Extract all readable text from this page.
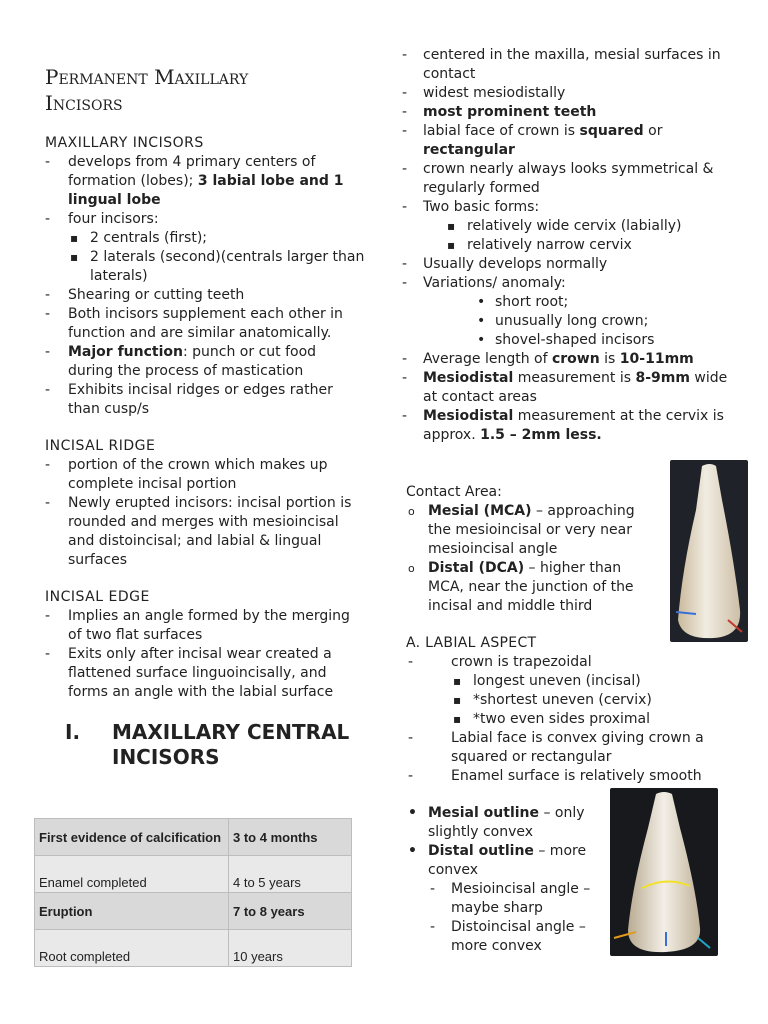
Permanent Maxillary
Incisors
MAXILLARY INCISORS
- develops from 4 primary centers of formation (lobes); 3 labial lobe and 1 lingual lobe
- four incisors:
▪ 2 centrals (first);
▪ 2 laterals (second)(centrals larger than laterals)
- Shearing or cutting teeth
- Both incisors supplement each other in function and are similar anatomically.
- Major function: punch or cut food during the process of mastication
- Exhibits incisal ridges or edges rather than cusp/s
INCISAL RIDGE
- portion of the crown which makes up complete incisal portion
- Newly erupted incisors: incisal portion is rounded and merges with mesioincisal and distoincisal; and labial & lingual surfaces
INCISAL EDGE
- Implies an angle formed by the merging of two flat surfaces
- Exits only after incisal wear created a flattened surface linguoincisally, and forms an angle with the labial surface
I.	MAXILLARY CENTRAL INCISORS
First evidence of calcification	3 to 4 months
Enamel completed	4 to 5 years
Eruption	7 to 8 years
Root completed	10 years
- centered in the maxilla, mesial surfaces in contact
- widest mesiodistally
- most prominent teeth
- labial face of crown is squared or rectangular
- crown nearly always looks symmetrical & regularly formed
- Two basic forms:
▪ relatively wide cervix (labially)
▪ relatively narrow cervix
- Usually develops normally
- Variations/ anomaly:
• short root;
• unusually long crown;
• shovel-shaped incisors
- Average length of crown is 10-11mm
- Mesiodistal measurement is 8-9mm wide at contact areas
- Mesiodistal measurement at the cervix is approx. 1.5 – 2mm less.
Contact Area:
o Mesial (MCA) – approaching the mesioincisal or very near mesioincisal angle
o Distal (DCA) – higher than MCA, near the junction of the incisal and middle third
A. LABIAL ASPECT
- crown is trapezoidal
▪ longest uneven (incisal)
▪ *shortest uneven (cervix)
▪ *two even sides proximal
- Labial face is convex giving crown a squared or rectangular
- Enamel surface is relatively smooth
• Mesial outline – only slightly convex
• Distal outline – more convex
- Mesioincisal angle – maybe sharp
- Distoincisal angle – more convex
